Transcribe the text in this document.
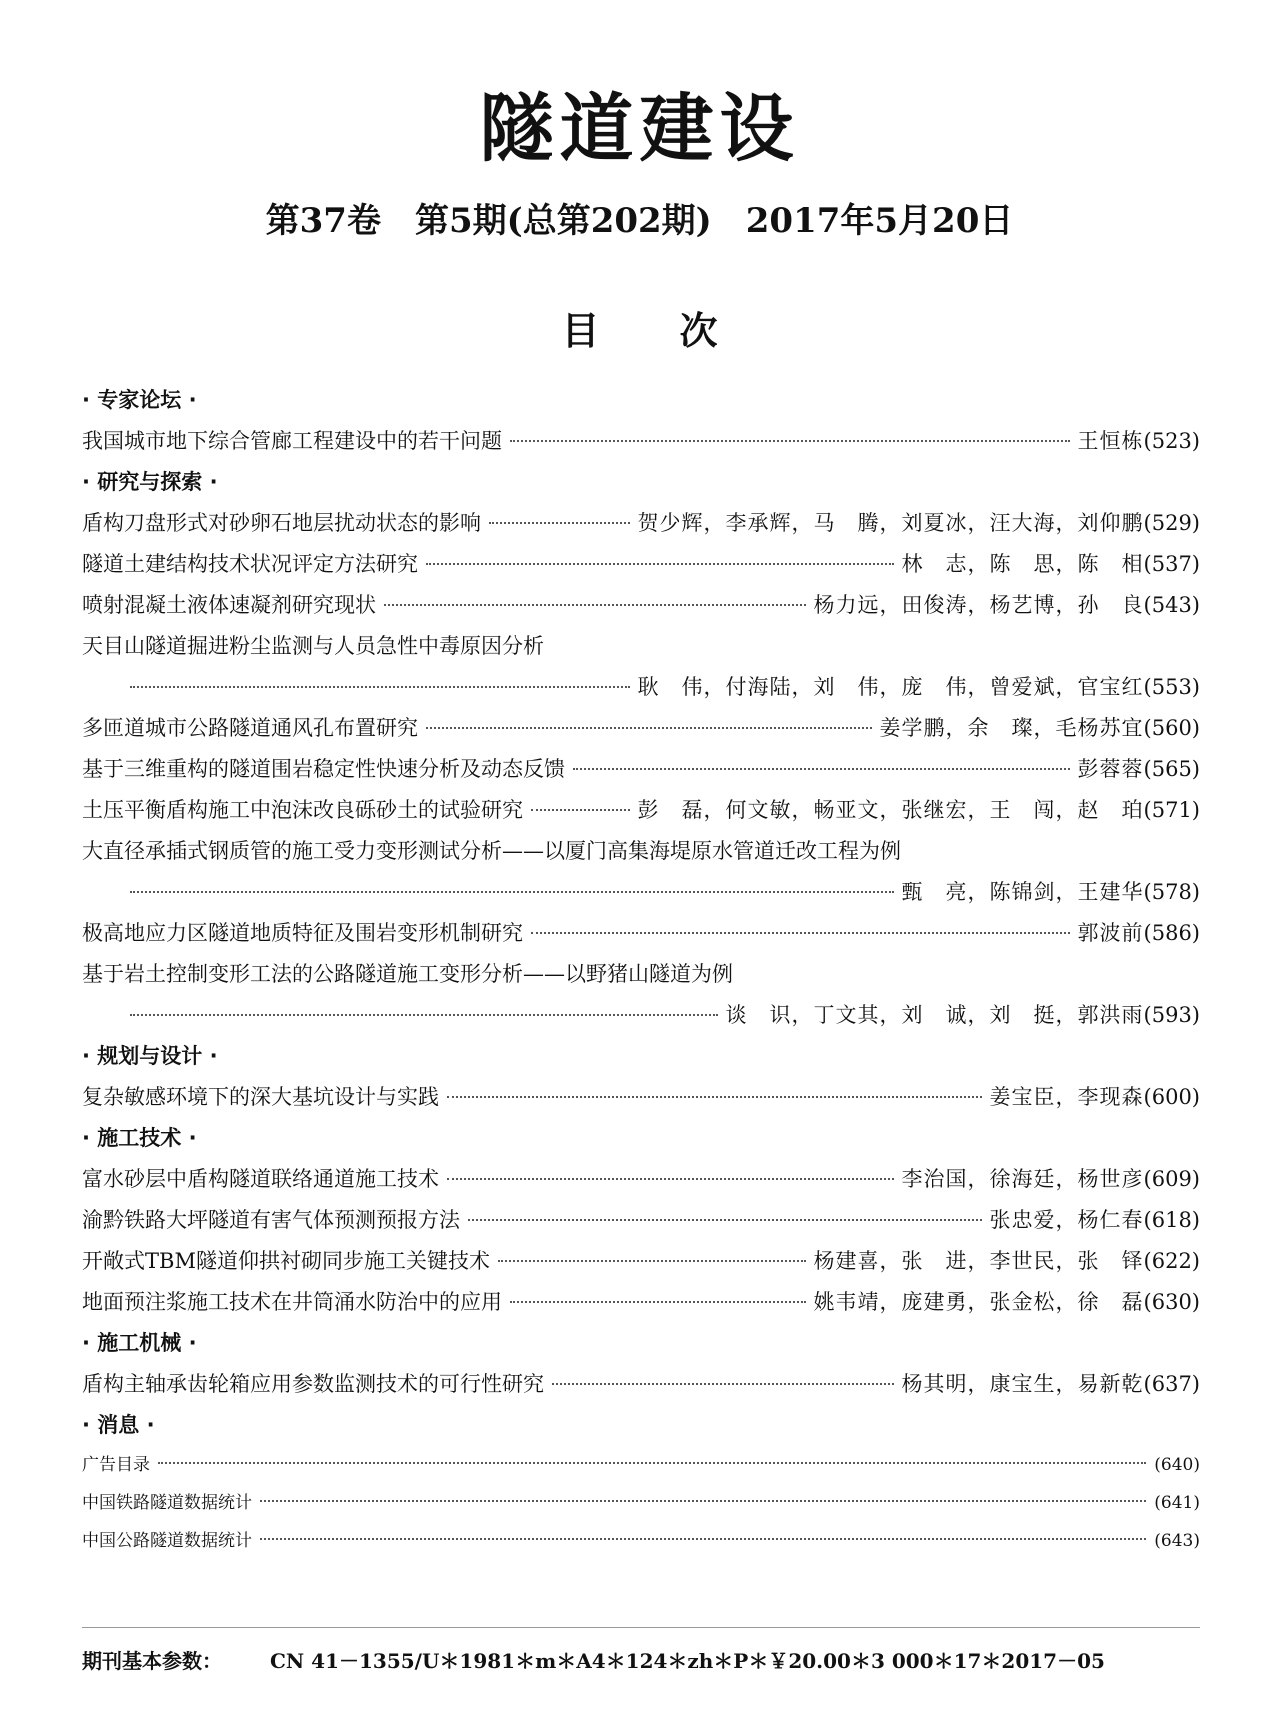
隧道建设
第37卷　第5期(总第202期)　2017年5月20日
目次
· 专家论坛 ·
我国城市地下综合管廊工程建设中的若干问题	王恒栋 (523)
· 研究与探索 ·
盾构刀盘形式对砂卵石地层扰动状态的影响	贺少辉，李承辉，马　腾，刘夏冰，汪大海，刘仰鹏 (529)
隧道土建结构技术状况评定方法研究	林　志，陈　思，陈　相 (537)
喷射混凝土液体速凝剂研究现状	杨力远，田俊涛，杨艺博，孙　良 (543)
天目山隧道掘进粉尘监测与人员急性中毒原因分析
耿　伟，付海陆，刘　伟，庞　伟，曾爱斌，官宝红 (553)
多匝道城市公路隧道通风孔布置研究	姜学鹏，余　璨，毛杨苏宜 (560)
基于三维重构的隧道围岩稳定性快速分析及动态反馈	彭蓉蓉 (565)
土压平衡盾构施工中泡沫改良砾砂土的试验研究	彭　磊，何文敏，畅亚文，张继宏，王　闯，赵　珀 (571)
大直径承插式钢质管的施工受力变形测试分析——以厦门高集海堤原水管道迁改工程为例
甄　亮，陈锦剑，王建华 (578)
极高地应力区隧道地质特征及围岩变形机制研究	郭波前 (586)
基于岩土控制变形工法的公路隧道施工变形分析——以野猪山隧道为例
谈　识，丁文其，刘　诚，刘　挺，郭洪雨 (593)
· 规划与设计 ·
复杂敏感环境下的深大基坑设计与实践	姜宝臣，李现森 (600)
· 施工技术 ·
富水砂层中盾构隧道联络通道施工技术	李治国，徐海廷，杨世彦 (609)
渝黔铁路大坪隧道有害气体预测预报方法	张忠爱，杨仁春 (618)
开敞式TBM隧道仰拱衬砌同步施工关键技术	杨建喜，张　进，李世民，张　铎 (622)
地面预注浆施工技术在井筒涌水防治中的应用	姚韦靖，庞建勇，张金松，徐　磊 (630)
· 施工机械 ·
盾构主轴承齿轮箱应用参数监测技术的可行性研究	杨其明，康宝生，易新乾 (637)
· 消息 ·
广告目录	(640)
中国铁路隧道数据统计	(641)
中国公路隧道数据统计	(643)
期刊基本参数： CN 41－1355/U＊1981＊m＊A4＊124＊zh＊P＊￥20.00＊3 000＊17＊2017－05
